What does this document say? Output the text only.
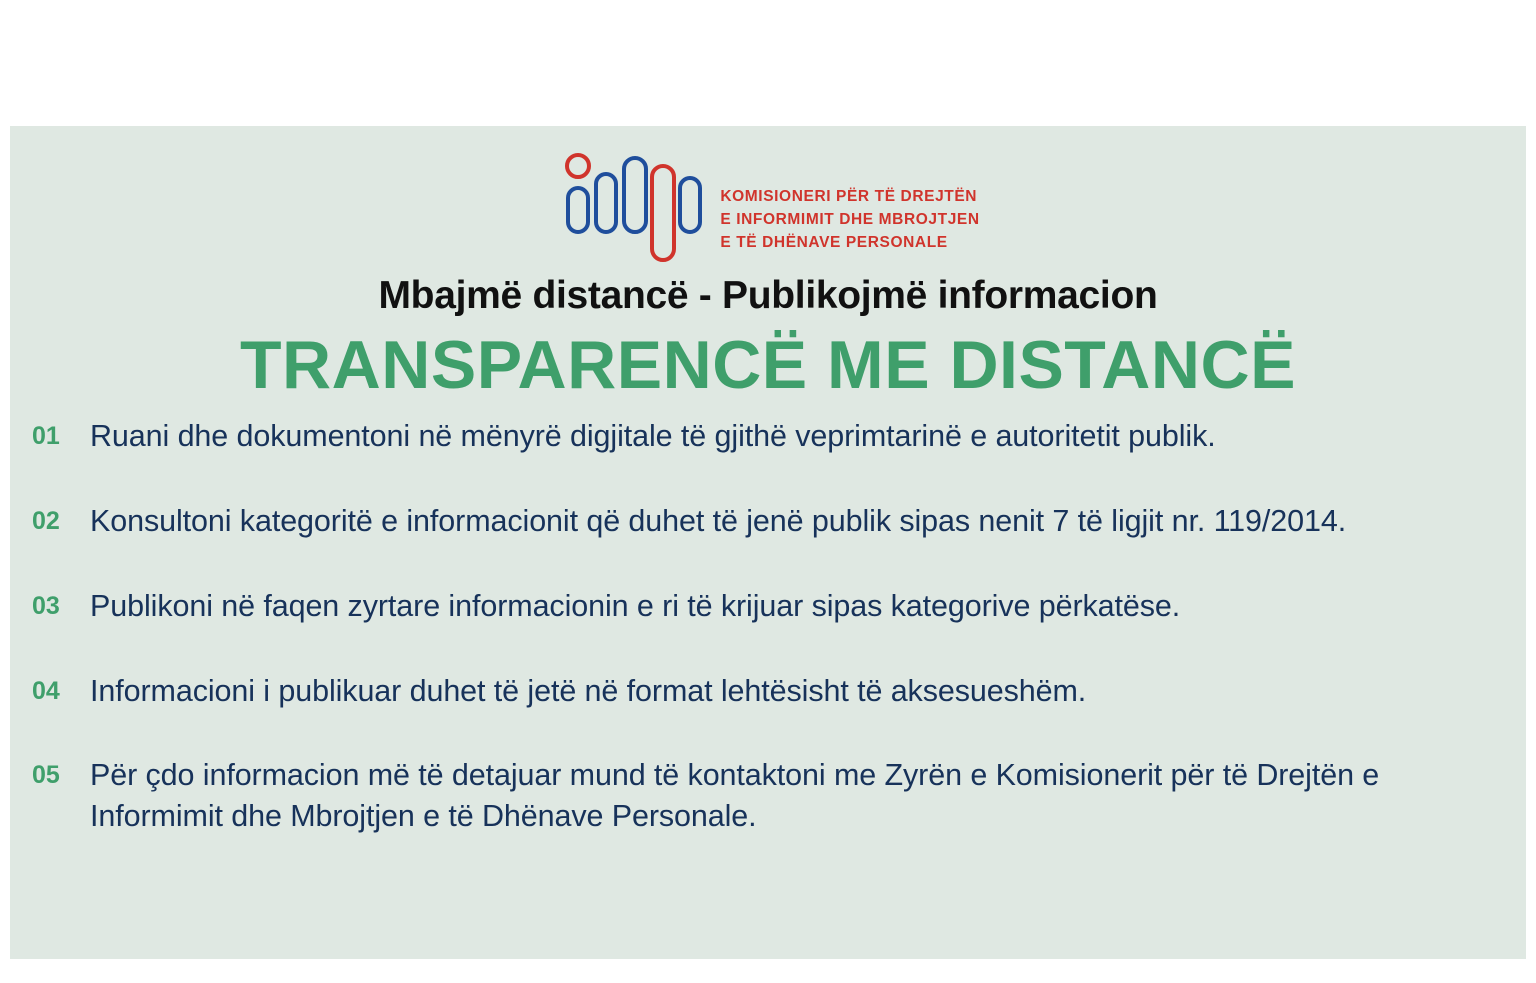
KOMISIONERI PËR TË DREJTËN
E INFORMIMIT DHE MBROJTJEN
E TË DHËNAVE PERSONALE
Mbajmë distancë - Publikojmë informacion
TRANSPARENCË ME DISTANCË
01 Ruani dhe dokumentoni në mënyrë digjitale të gjithë veprimtarinë e autoritetit publik.
02 Konsultoni kategoritë e informacionit që duhet të jenë publik sipas nenit 7 të ligjit nr. 119/2014.
03 Publikoni në faqen zyrtare informacionin e ri të krijuar sipas kategorive përkatëse.
04 Informacioni i publikuar duhet të jetë në format lehtësisht të aksesueshëm.
05 Për çdo informacion më të detajuar mund të kontaktoni me Zyrën e Komisionerit për të Drejtën e Informimit dhe Mbrojtjen e të Dhënave Personale.
